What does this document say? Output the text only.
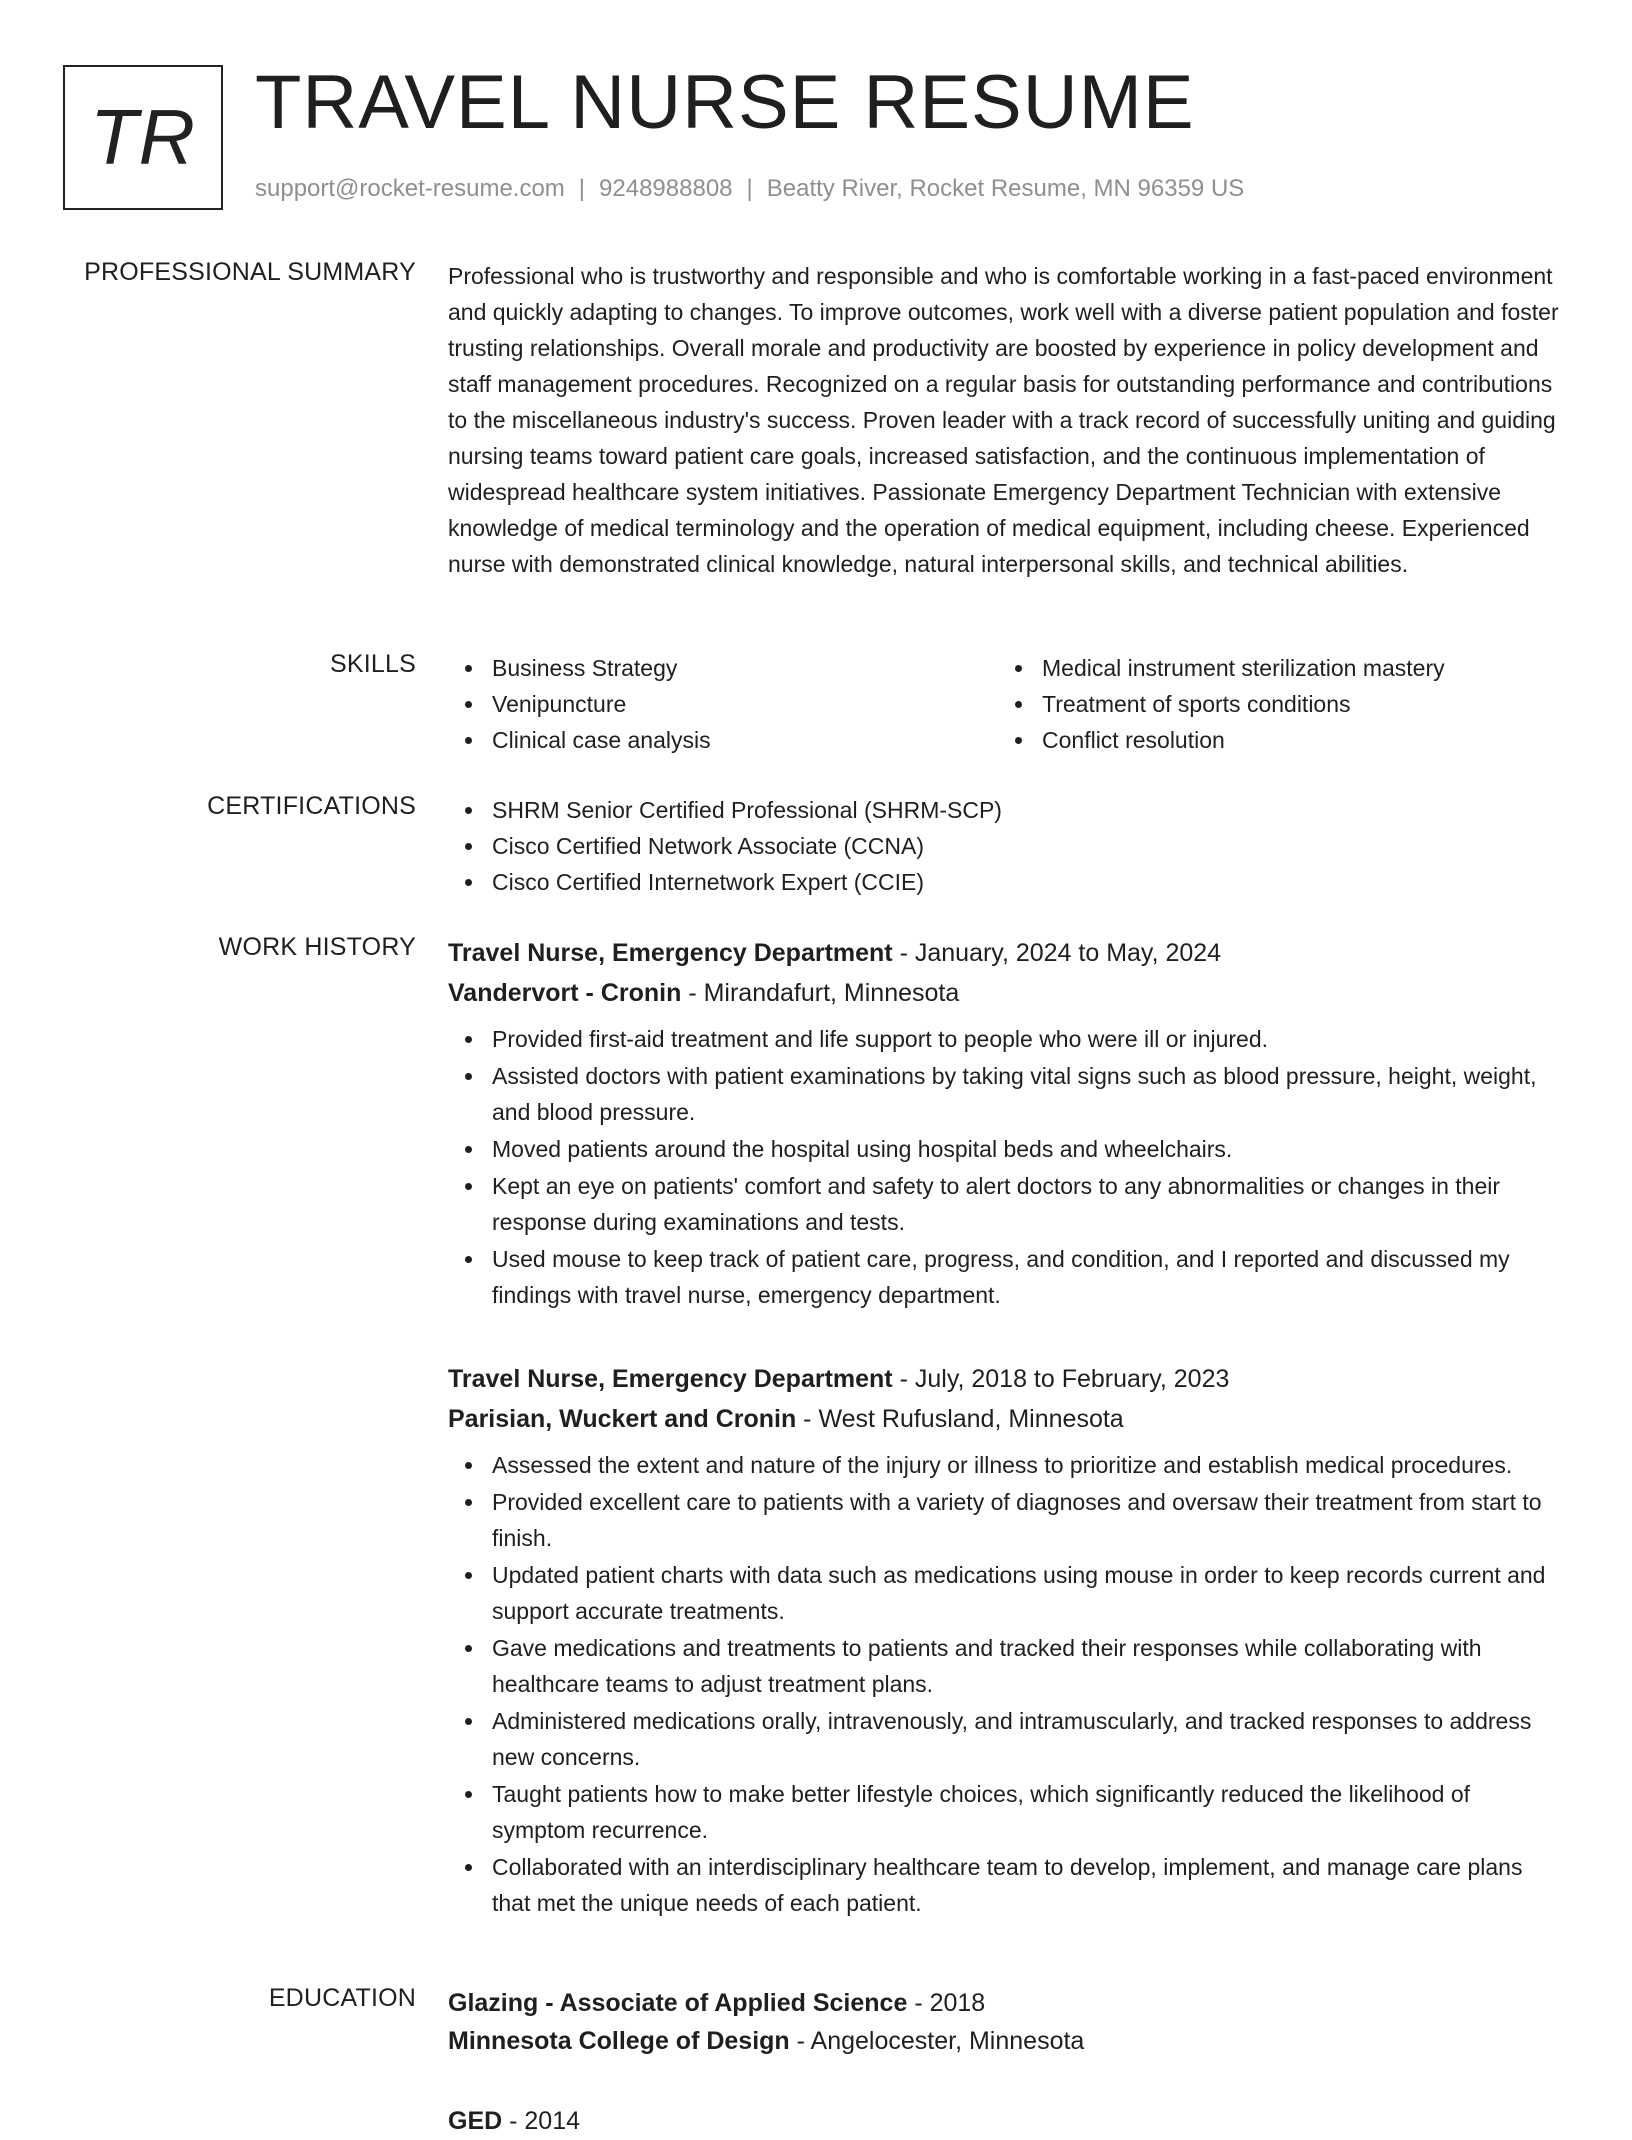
TR TRAVEL NURSE RESUME
support@rocket-resume.com | 9248988808 | Beatty River, Rocket Resume, MN 96359 US
PROFESSIONAL SUMMARY Professional who is trustworthy and responsible and who is comfortable working in a fast-paced environment and quickly adapting to changes. To improve outcomes, work well with a diverse patient population and foster trusting relationships. Overall morale and productivity are boosted by experience in policy development and staff management procedures. Recognized on a regular basis for outstanding performance and contributions to the miscellaneous industry's success. Proven leader with a track record of successfully uniting and guiding nursing teams toward patient care goals, increased satisfaction, and the continuous implementation of widespread healthcare system initiatives. Passionate Emergency Department Technician with extensive knowledge of medical terminology and the operation of medical equipment, including cheese. Experienced nurse with demonstrated clinical knowledge, natural interpersonal skills, and technical abilities.
SKILLS	Business Strategy
Venipuncture
Clinical case analysis
Medical instrument sterilization mastery
Treatment of sports conditions
Conflict resolution
CERTIFICATIONS	SHRM Senior Certified Professional (SHRM-SCP)
Cisco Certified Network Associate (CCNA)
Cisco Certified Internetwork Expert (CCIE)
WORK HISTORY Travel Nurse, Emergency Department - January, 2024 to May, 2024
Vandervort - Cronin - Mirandafurt, Minnesota
Provided first-aid treatment and life support to people who were ill or injured.
Assisted doctors with patient examinations by taking vital signs such as blood pressure, height, weight, and blood pressure.
Moved patients around the hospital using hospital beds and wheelchairs.
Kept an eye on patients' comfort and safety to alert doctors to any abnormalities or changes in their response during examinations and tests.
Used mouse to keep track of patient care, progress, and condition, and I reported and discussed my findings with travel nurse, emergency department.
Travel Nurse, Emergency Department - July, 2018 to February, 2023
Parisian, Wuckert and Cronin - West Rufusland, Minnesota
Assessed the extent and nature of the injury or illness to prioritize and establish medical procedures.
Provided excellent care to patients with a variety of diagnoses and oversaw their treatment from start to finish.
Updated patient charts with data such as medications using mouse in order to keep records current and support accurate treatments.
Gave medications and treatments to patients and tracked their responses while collaborating with healthcare teams to adjust treatment plans.
Administered medications orally, intravenously, and intramuscularly, and tracked responses to address new concerns.
Taught patients how to make better lifestyle choices, which significantly reduced the likelihood of symptom recurrence.
Collaborated with an interdisciplinary healthcare team to develop, implement, and manage care plans that met the unique needs of each patient.
EDUCATION Glazing - Associate of Applied Science - 2018
Minnesota College of Design - Angelocester, Minnesota
GED - 2014
